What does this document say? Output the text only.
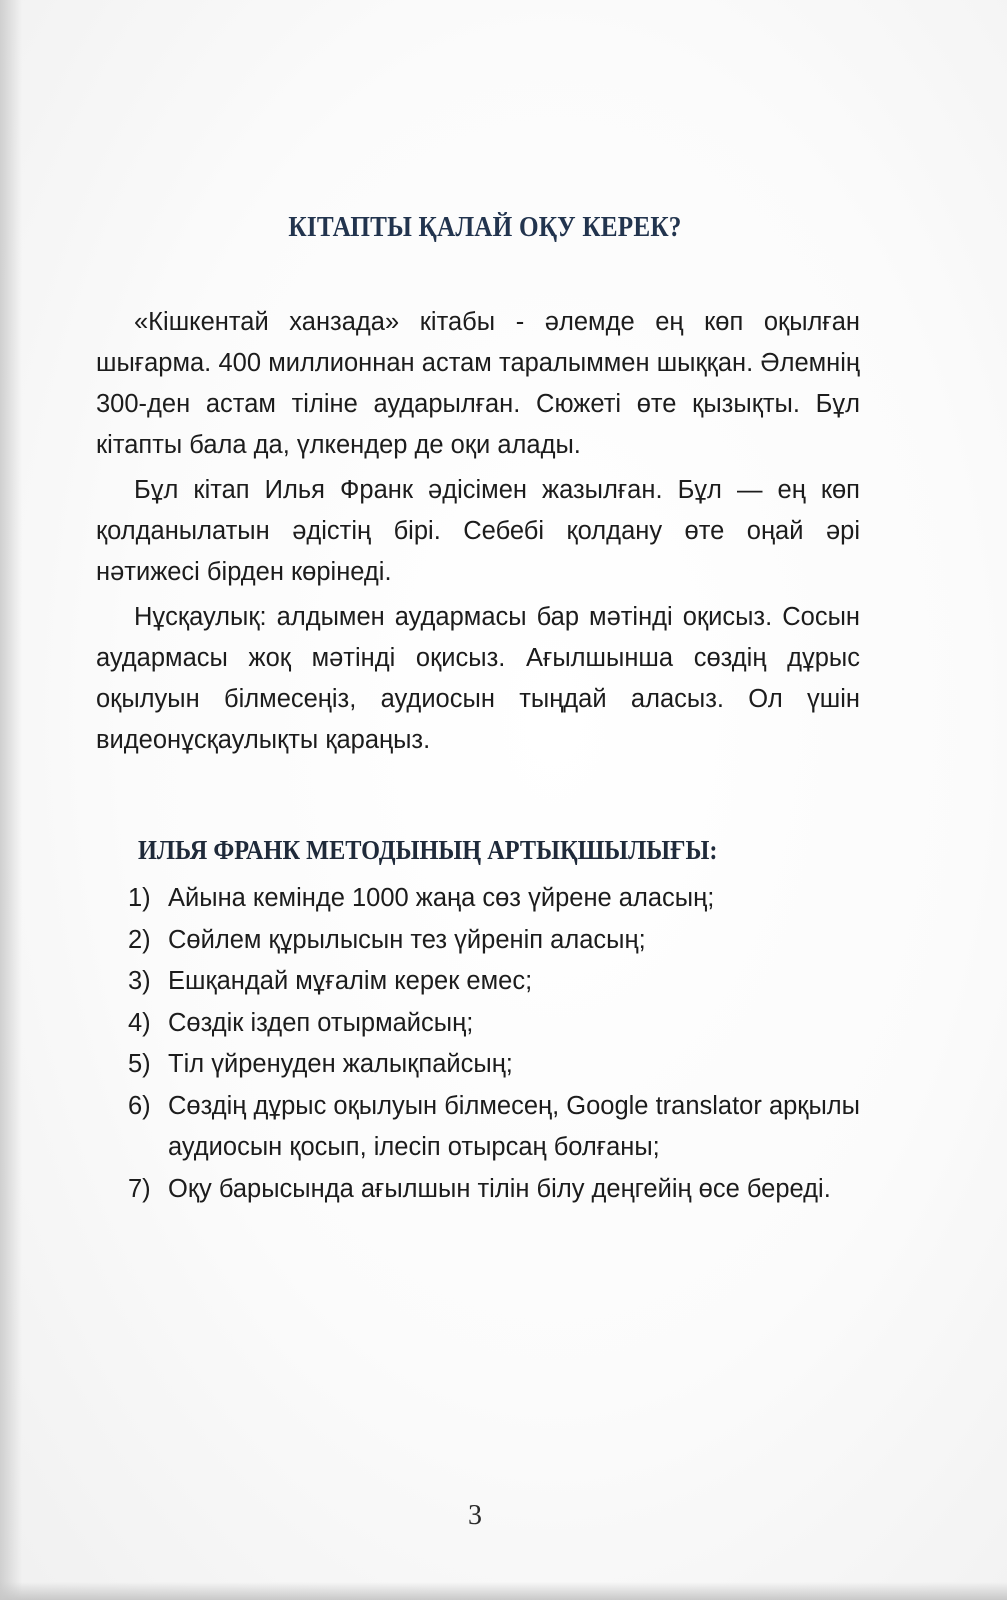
КІТАПТЫ ҚАЛАЙ ОҚУ КЕРЕК?

«Кішкентай ханзада» кітабы - әлемде ең көп оқылған шығарма. 400 миллионнан астам таралыммен шыққан. Әлемнің 300-ден астам тіліне аударылған. Сюжеті өте қызықты. Бұл кітапты бала да, үлкендер де оқи алады.

Бұл кітап Илья Франк әдісімен жазылған. Бұл — ең көп қолданылатын әдістің бірі. Себебі қолдану өте оңай әрі нәтижесі бірден көрінеді.

Нұсқаулық: алдымен аудармасы бар мәтінді оқисыз. Сосын аудармасы жоқ мәтінді оқисыз. Ағылшынша сөздің дұрыс оқылуын білмесеңіз, аудиосын тыңдай аласыз. Ол үшін видеонұсқаулықты қараңыз.

ИЛЬЯ ФРАНК МЕТОДЫНЫҢ АРТЫҚШЫЛЫҒЫ:
1) Айына кемінде 1000 жаңа сөз үйрене аласың;
2) Сөйлем құрылысын тез үйреніп аласың;
3) Ешқандай мұғалім керек емес;
4) Сөздік іздеп отырмайсың;
5) Тіл үйренуден жалықпайсың;
6) Сөздің дұрыс оқылуын білмесең, Google translator арқылы аудиосын қосып, ілесіп отырсаң болғаны;
7) Оқу барысында ағылшын тілін білу деңгейің өсе береді.
3
